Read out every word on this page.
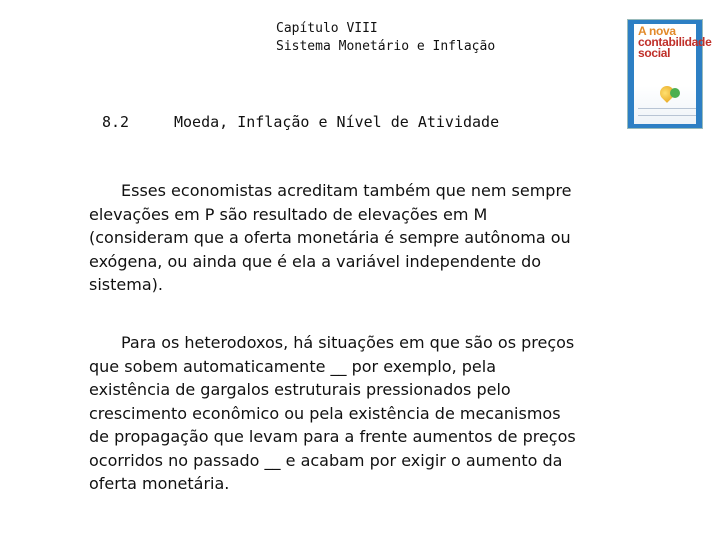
Capítulo VIII
Sistema Monetário e Inflação
A nova
contabilidade
social
8.2	Moeda, Inflação e Nível de Atividade
Esses economistas acreditam também que nem sempre
elevações em P são resultado de elevações em M
(consideram que a oferta monetária é sempre autônoma ou
exógena, ou ainda que é ela a variável independente do
sistema).
Para os heterodoxos, há situações em que são os preços
que sobem automaticamente __ por exemplo, pela
existência de gargalos estruturais pressionados pelo
crescimento econômico ou pela existência de mecanismos
de propagação que levam para a frente aumentos de preços
ocorridos no passado __ e acabam por exigir o aumento da
oferta monetária.
